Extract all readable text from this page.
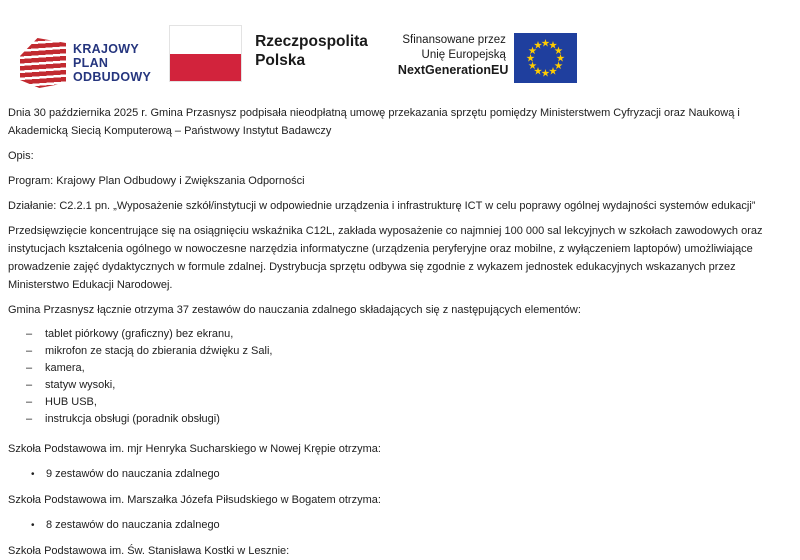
KRAJOWY
PLAN
ODBUDOWY
Rzeczpospolita
Polska
Sfinansowane przez
Unię Europejską
NextGenerationEU

Dnia 30 października 2025 r. Gmina Przasnysz podpisała nieodpłatną umowę przekazania sprzętu pomiędzy Ministerstwem Cyfryzacji oraz Naukową i Akademicką Siecią Komputerową – Państwowy Instytut Badawczy

Opis:

Program: Krajowy Plan Odbudowy i Zwiększania Odporności

Działanie: C2.2.1 pn. „Wyposażenie szkół/instytucji w odpowiednie urządzenia i infrastrukturę ICT w celu poprawy ogólnej wydajności systemów edukacji”

Przedsięwzięcie koncentrujące się na osiągnięciu wskaźnika C12L, zakłada wyposażenie co najmniej 100 000 sal lekcyjnych w szkołach zawodowych oraz instytucjach kształcenia ogólnego w nowoczesne narzędzia informatyczne (urządzenia peryferyjne oraz mobilne, z wyłączeniem laptopów) umożliwiające prowadzenie zajęć dydaktycznych w formule zdalnej. Dystrybucja sprzętu odbywa się zgodnie z wykazem jednostek edukacyjnych wskazanych przez Ministerstwo Edukacji Narodowej.

Gmina Przasnysz łącznie otrzyma 37 zestawów do nauczania zdalnego składających się z następujących elementów:

–	tablet piórkowy (graficzny) bez ekranu,
–	mikrofon ze stacją do zbierania dźwięku z Sali,
–	kamera,
–	statyw wysoki,
–	HUB USB,
–	instrukcja obsługi (poradnik obsługi)

Szkoła Podstawowa im. mjr Henryka Sucharskiego w Nowej Krępie otrzyma:

•	9 zestawów do nauczania zdalnego

Szkoła Podstawowa im. Marszałka Józefa Piłsudskiego w Bogatem otrzyma:

•	8 zestawów do nauczania zdalnego

Szkoła Podstawowa im. Św. Stanisława Kostki w Lesznie:
